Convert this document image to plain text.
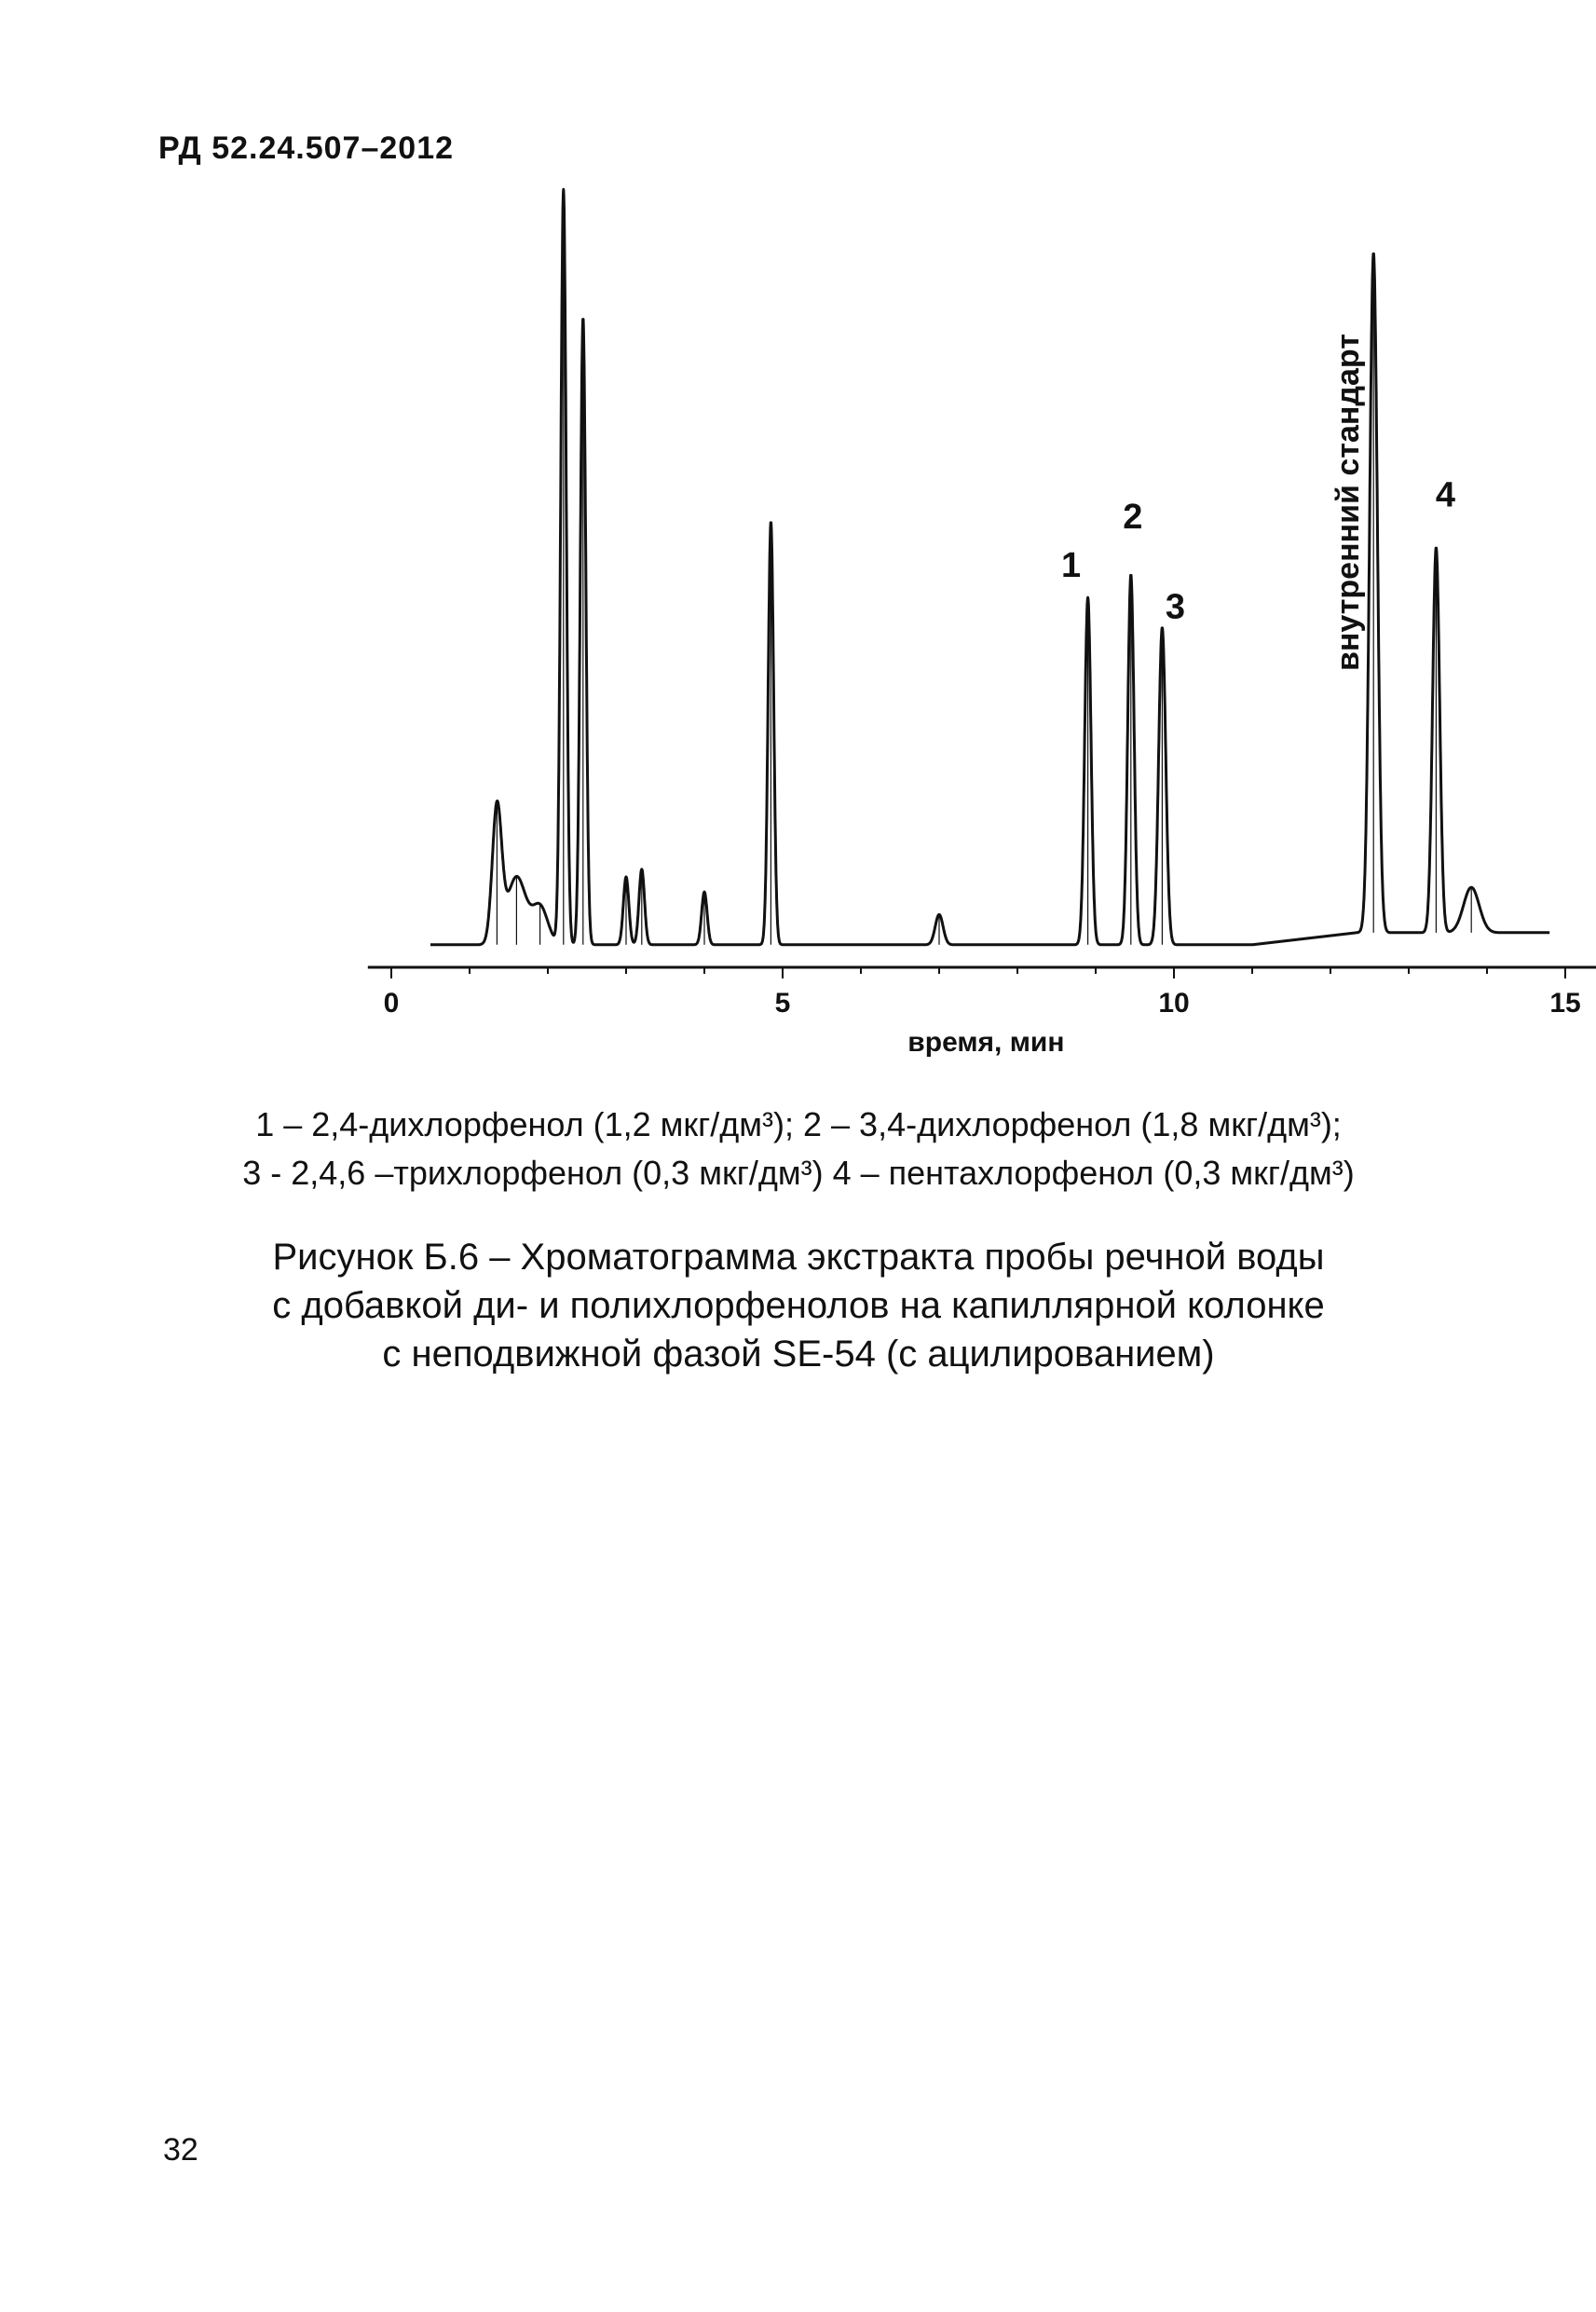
РД 52.24.507–2012
0	5	10	15
время, мин
1
2
3
4
внутренний стандарт
1 – 2,4-дихлорфенол (1,2 мкг/дм³); 2 – 3,4-дихлорфенол (1,8 мкг/дм³);
3 - 2,4,6 –трихлорфенол (0,3 мкг/дм³) 4 – пентахлорфенол (0,3 мкг/дм³)
Рисунок Б.6 – Хроматограмма экстракта пробы речной воды
с добавкой ди- и полихлорфенолов на капиллярной колонке
с неподвижной фазой SE-54 (с ацилированием)
32
